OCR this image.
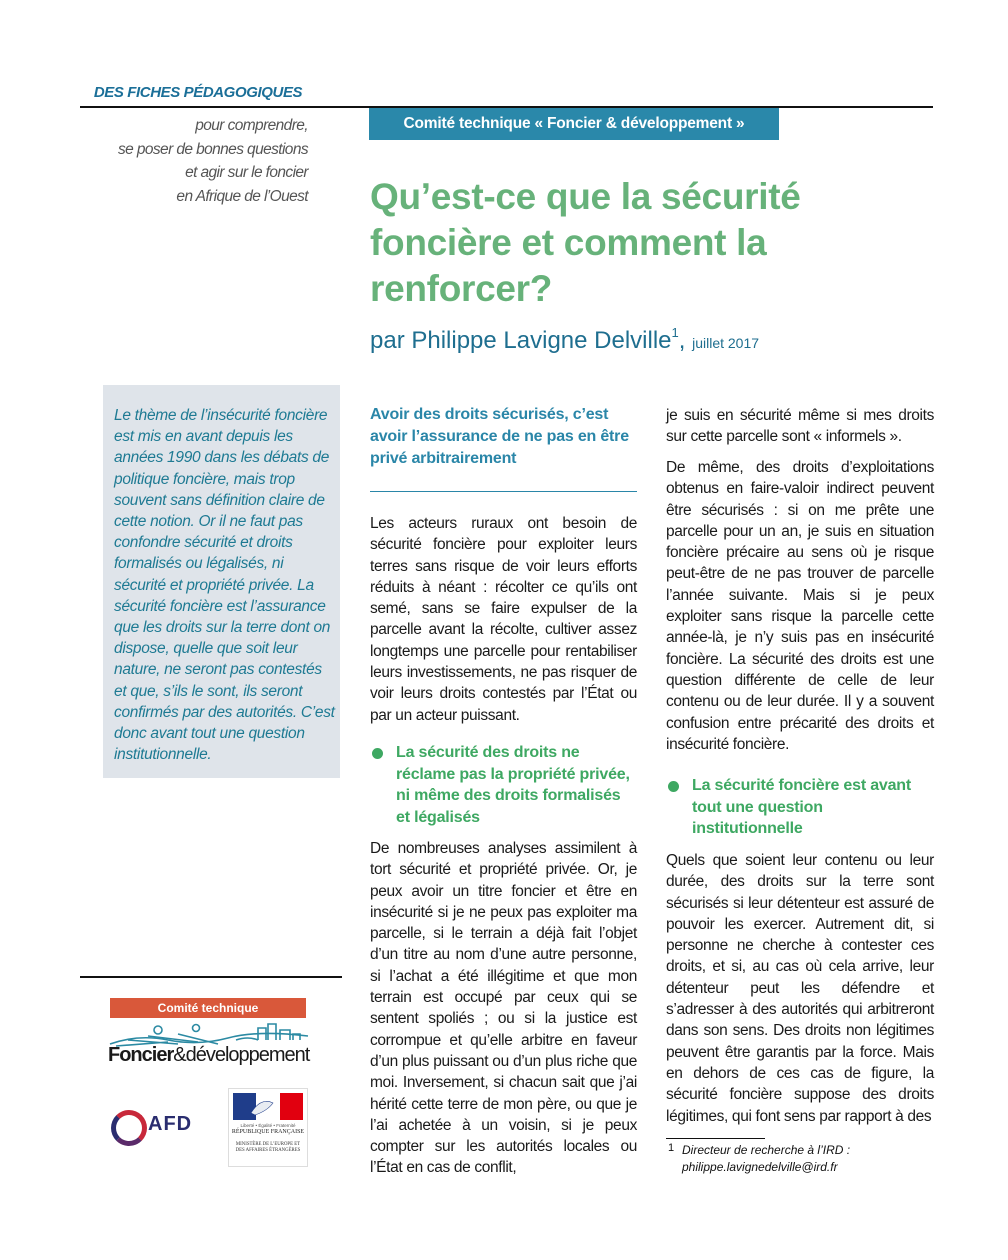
DES FICHES PÉDAGOGIQUES
pour comprendre,
se poser de bonnes questions
et agir sur le foncier
en Afrique de l’Ouest
Comité technique « Foncier & développement »
Qu’est-ce que la sécurité foncière et comment la renforcer?
par Philippe Lavigne Delville$^1$, juillet 2017
Le thème de l’insécurité foncière est mis en avant depuis les années 1990 dans les débats de politique foncière, mais trop souvent sans définition claire de cette notion. Or il ne faut pas confondre sécurité et droits formalisés ou légalisés, ni sécurité et propriété privée. La sécurité foncière est l’assurance que les droits sur la terre dont on dispose, quelle que soit leur nature, ne seront pas contestés et que, s’ils le sont, ils seront confirmés par des autorités. C’est donc avant tout une question institutionnelle.
Avoir des droits sécurisés, c’est avoir l’assurance de ne pas en être privé arbitrairement

Les acteurs ruraux ont besoin de sécurité foncière pour exploiter leurs terres sans risque de voir leurs efforts réduits à néant : récolter ce qu’ils ont semé, sans se faire expulser de la parcelle avant la récolte, cultiver assez longtemps une parcelle pour rentabiliser leurs investissements, ne pas risquer de voir leurs droits contestés par l’État ou par un acteur puissant.

La sécurité des droits ne réclame pas la propriété privée, ni même des droits formalisés et légalisés

De nombreuses analyses assimilent à tort sécurité et propriété privée. Or, je peux avoir un titre foncier et être en insécurité si je ne peux pas exploiter ma parcelle, si le terrain a déjà fait l’objet d’un titre au nom d’une autre personne, si l’achat a été illégitime et que mon terrain est occupé par ceux qui se sentent spoliés ; ou si la justice est corrompue et qu’elle arbitre en faveur d’un plus puissant ou d’un plus riche que moi. Inversement, si chacun sait que j’ai hérité cette terre de mon père, ou que je l’ai achetée à un voisin, si je peux compter sur les autorités locales ou l’État en cas de conflit,

je suis en sécurité même si mes droits sur cette parcelle sont « informels ».

De même, des droits d’exploitations obtenus en faire-valoir indirect peuvent être sécurisés : si on me prête une parcelle pour un an, je suis en situation foncière précaire au sens où je risque peut-être de ne pas trouver de parcelle l’année suivante. Mais si je peux exploiter sans risque la parcelle cette année-là, je n’y suis pas en insécurité foncière. La sécurité des droits est une question différente de celle de leur contenu ou de leur durée. Il y a souvent confusion entre précarité des droits et insécurité foncière.

La sécurité foncière est avant tout une question institutionnelle

Quels que soient leur contenu ou leur durée, des droits sur la terre sont sécurisés si leur détenteur est assuré de pouvoir les exercer. Autrement dit, si personne ne cherche à contester ces droits, et si, au cas où cela arrive, leur détenteur peut les défendre et s’adresser à des autorités qui arbitreront dans son sens. Des droits non légitimes peuvent être garantis par la force. Mais en dehors de ces cas de figure, la sécurité foncière suppose des droits légitimes, qui font sens par rapport à des

1 Directeur de recherche à l’IRD :
philippe.lavignedelville@ird.fr
Comité technique
Foncier&développement
AFD	Liberté • Égalité • Fraternité
RÉPUBLIQUE FRANÇAISE
MINISTÈRE DE L’EUROPE ET DES AFFAIRES ÉTRANGÈRES
